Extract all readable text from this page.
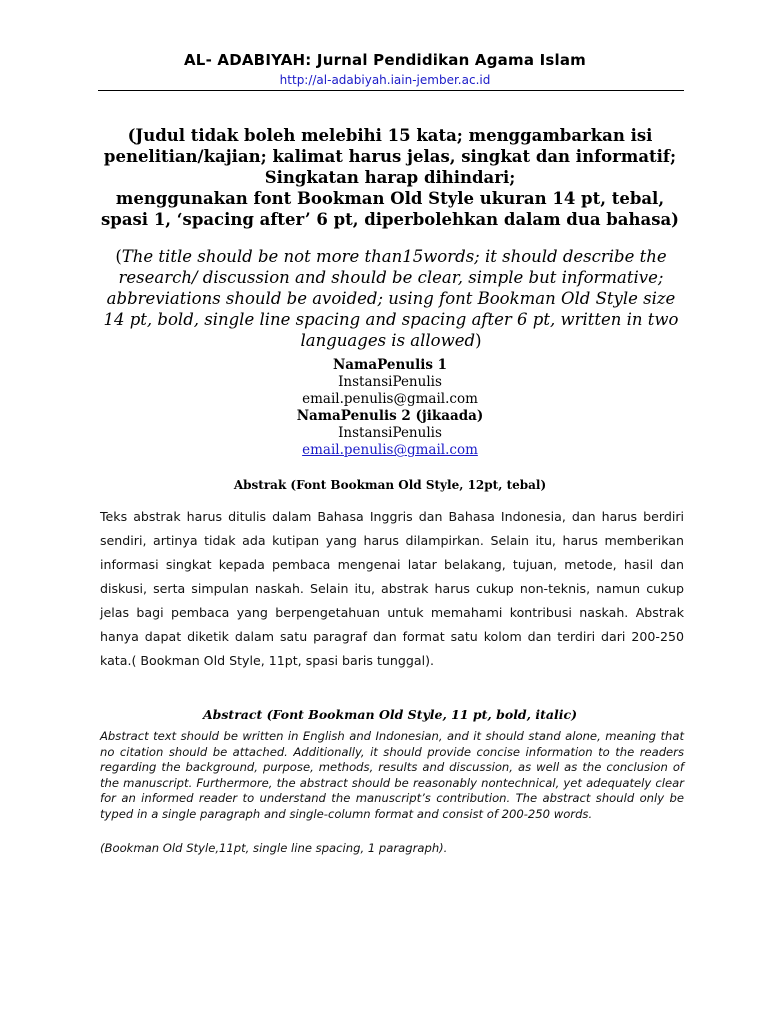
AL- ADABIYAH: Jurnal Pendidikan Agama Islam

http://al-adabiyah.iain-jember.ac.id

(Judul tidak boleh melebihi 15 kata; menggambarkan isi
penelitian/kajian; kalimat harus jelas, singkat dan informatif;
Singkatan harap dihindari;
menggunakan font Bookman Old Style ukuran 14 pt, tebal,
spasi 1, ‘spacing after’ 6 pt, diperbolehkan dalam dua bahasa)

(The title should be not more than15words; it should describe the research/ discussion and should be clear, simple but informative; abbreviations should be avoided; using font Bookman Old Style size 14 pt, bold, single line spacing and spacing after 6 pt, written in two languages is allowed)

NamaPenulis 1
InstansiPenulis
email.penulis@gmail.com
NamaPenulis 2 (jikaada)
InstansiPenulis
email.penulis@gmail.com

Abstrak (Font Bookman Old Style, 12pt, tebal)

Teks abstrak harus ditulis dalam Bahasa Inggris dan Bahasa Indonesia, dan harus berdiri sendiri, artinya tidak ada kutipan yang harus dilampirkan. Selain itu, harus memberikan informasi singkat kepada pembaca mengenai latar belakang, tujuan, metode, hasil dan diskusi, serta simpulan naskah. Selain itu, abstrak harus cukup non-teknis, namun cukup jelas bagi pembaca yang berpengetahuan untuk memahami kontribusi naskah. Abstrak hanya dapat diketik dalam satu paragraf dan format satu kolom dan terdiri dari 200-250 kata.( Bookman Old Style, 11pt, spasi baris tunggal).

Abstract (Font Bookman Old Style, 11 pt, bold, italic)

Abstract text should be written in English and Indonesian, and it should stand alone, meaning that no citation should be attached. Additionally, it should provide concise information to the readers regarding the background, purpose, methods, results and discussion, as well as the conclusion of the manuscript. Furthermore, the abstract should be reasonably nontechnical, yet adequately clear for an informed reader to understand the manuscript’s contribution. The abstract should only be typed in a single paragraph and single-column format and consist of 200-250 words.

(Bookman Old Style,11pt, single line spacing, 1 paragraph).
